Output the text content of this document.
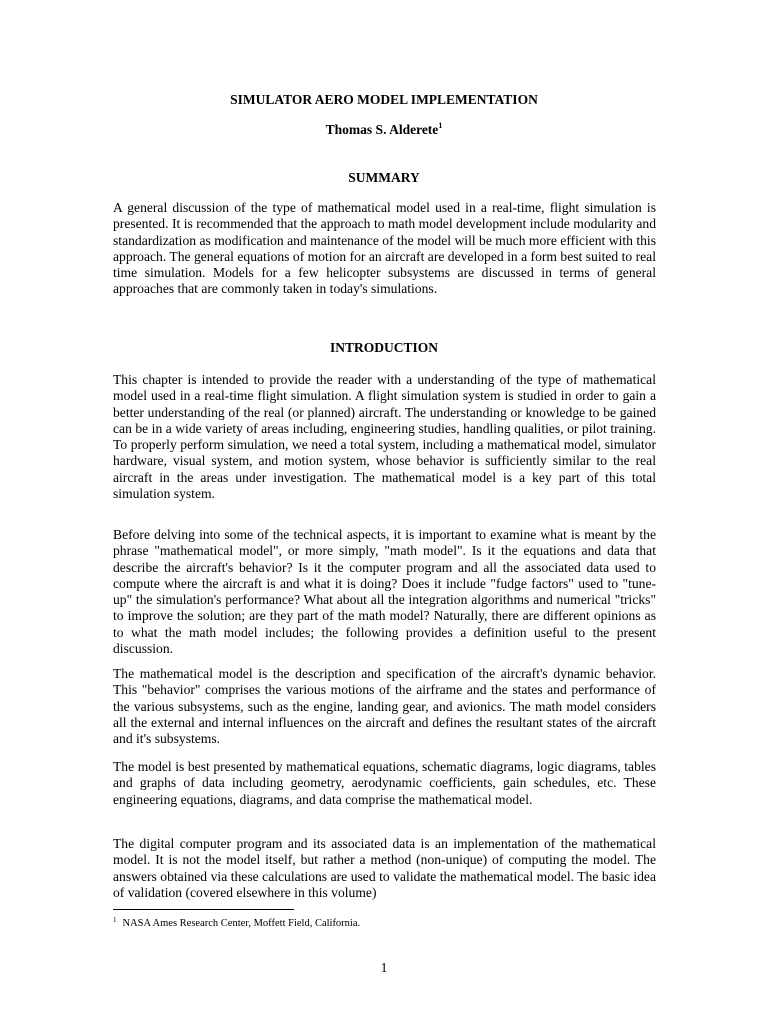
SIMULATOR AERO MODEL IMPLEMENTATION
Thomas S. Alderete$^1$
SUMMARY

A general discussion of the type of mathematical model used in a real-time, flight simulation is presented. It is recommended that the approach to math model development include modularity and standardization as modification and maintenance of the model will be much more efficient with this approach. The general equations of motion for an aircraft are developed in a form best suited to real time simulation. Models for a few helicopter subsystems are discussed in terms of general approaches that are commonly taken in today's simulations.

INTRODUCTION

This chapter is intended to provide the reader with a understanding of the type of mathematical model used in a real-time flight simulation. A flight simulation system is studied in order to gain a better understanding of the real (or planned) aircraft. The understanding or knowledge to be gained can be in a wide variety of areas including, engineering studies, handling qualities, or pilot training. To properly perform simulation, we need a total system, including a mathematical model, simulator hardware, visual system, and motion system, whose behavior is sufficiently similar to the real aircraft in the areas under investigation. The mathematical model is a key part of this total simulation system.

Before delving into some of the technical aspects, it is important to examine what is meant by the phrase "mathematical model", or more simply, "math model". Is it the equations and data that describe the aircraft's behavior? Is it the computer program and all the associated data used to compute where the aircraft is and what it is doing? Does it include "fudge factors" used to "tune-up" the simulation's performance? What about all the integration algorithms and numerical "tricks" to improve the solution; are they part of the math model? Naturally, there are different opinions as to what the math model includes; the following provides a definition useful to the present discussion.

The mathematical model is the description and specification of the aircraft's dynamic behavior. This "behavior" comprises the various motions of the airframe and the states and performance of the various subsystems, such as the engine, landing gear, and avionics. The math model considers all the external and internal influences on the aircraft and defines the resultant states of the aircraft and it's subsystems.

The model is best presented by mathematical equations, schematic diagrams, logic diagrams, tables and graphs of data including geometry, aerodynamic coefficients, gain schedules, etc. These engineering equations, diagrams, and data comprise the mathematical model.

The digital computer program and its associated data is an implementation of the mathematical model. It is not the model itself, but rather a method (non-unique) of computing the model. The answers obtained via these calculations are used to validate the mathematical model. The basic idea of validation (covered elsewhere in this volume)

$^1$ NASA Ames Research Center, Moffett Field, California.
1
